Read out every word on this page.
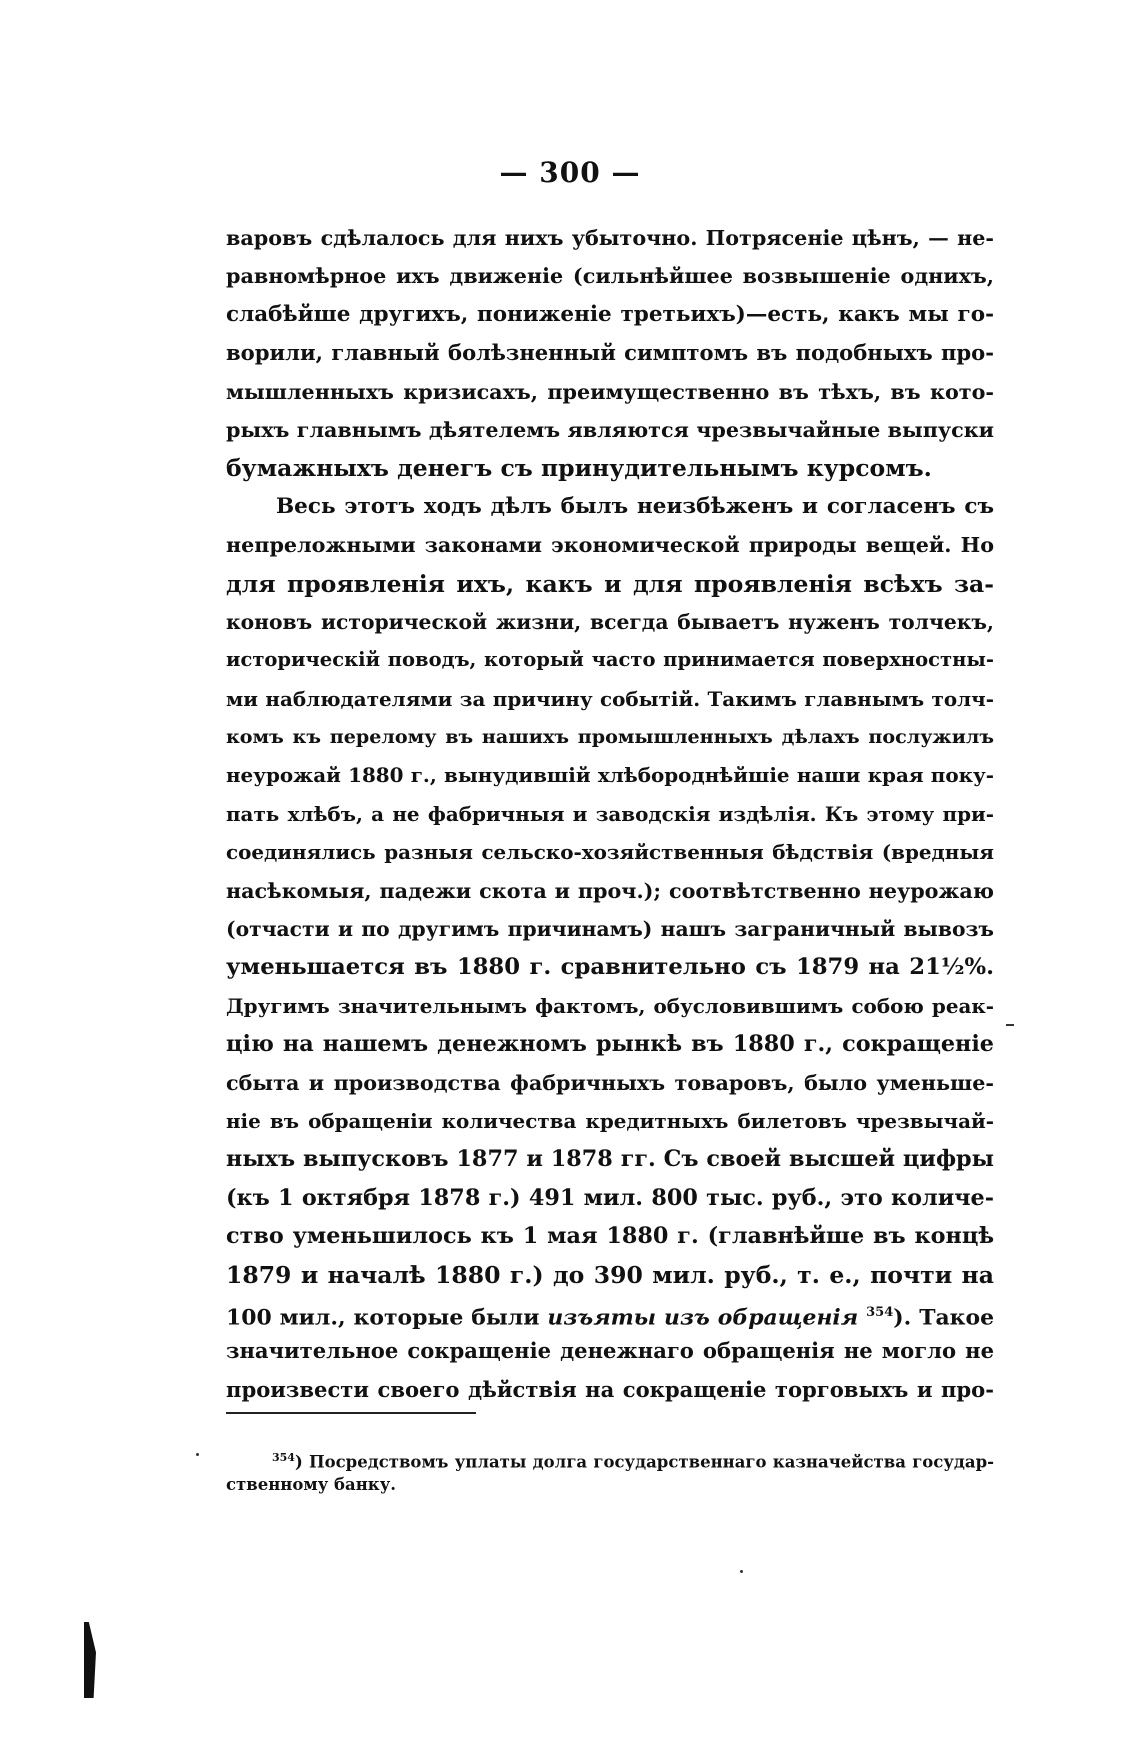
— 300 —
варовъ сдѣлалось для нихъ убыточно. Потрясеніе цѣнъ, — не-
равномѣрное ихъ движеніе (сильнѣйшее возвышеніе однихъ,
слабѣйше другихъ, пониженіе третьихъ)—есть, какъ мы го-
ворили, главный болѣзненный симптомъ въ подобныхъ про-
мышленныхъ кризисахъ, преимущественно въ тѣхъ, въ кото-
рыхъ главнымъ дѣятелемъ являются чрезвычайные выпуски
бумажныхъ денегъ съ принудительнымъ курсомъ.
Весь этотъ ходъ дѣлъ былъ неизбѣженъ и согласенъ съ
непреложными законами экономической природы вещей. Но
для проявленія ихъ, какъ и для проявленія всѣхъ за-
коновъ исторической жизни, всегда бываетъ нуженъ толчекъ,
историческій поводъ, который часто принимается поверхностны-
ми наблюдателями за причину событій. Такимъ главнымъ толч-
комъ къ перелому въ нашихъ промышленныхъ дѣлахъ послужилъ
неурожай 1880 г., вынудившій хлѣбороднѣйшіе наши края поку-
пать хлѣбъ, а не фабричныя и заводскія издѣлія. Къ этому при-
соединялись разныя сельско-хозяйственныя бѣдствія (вредныя
насѣкомыя, падежи скота и проч.); соотвѣтственно неурожаю
(отчасти и по другимъ причинамъ) нашъ заграничный вывозъ
уменьшается въ 1880 г. сравнительно съ 1879 на 21½%.
Другимъ значительнымъ фактомъ, обусловившимъ собою реак-
цію на нашемъ денежномъ рынкѣ въ 1880 г., сокращеніе
сбыта и производства фабричныхъ товаровъ, было уменьше-
ніе въ обращеніи количества кредитныхъ билетовъ чрезвычай-
ныхъ выпусковъ 1877 и 1878 гг. Съ своей высшей цифры
(къ 1 октября 1878 г.) 491 мил. 800 тыс. руб., это количе-
ство уменьшилось къ 1 мая 1880 г. (главнѣйше въ концѣ
1879 и началѣ 1880 г.) до 390 мил. руб., т. е., почти на
100 мил., которые были изъяты изъ обращенія $^{354}$). Такое
значительное сокращеніе денежнаго обращенія не могло не
произвести своего дѣйствія на сокращеніе торговыхъ и про-
$^{354}$) Посредствомъ уплаты долга государственнаго казначейства государ-
ственному банку.
